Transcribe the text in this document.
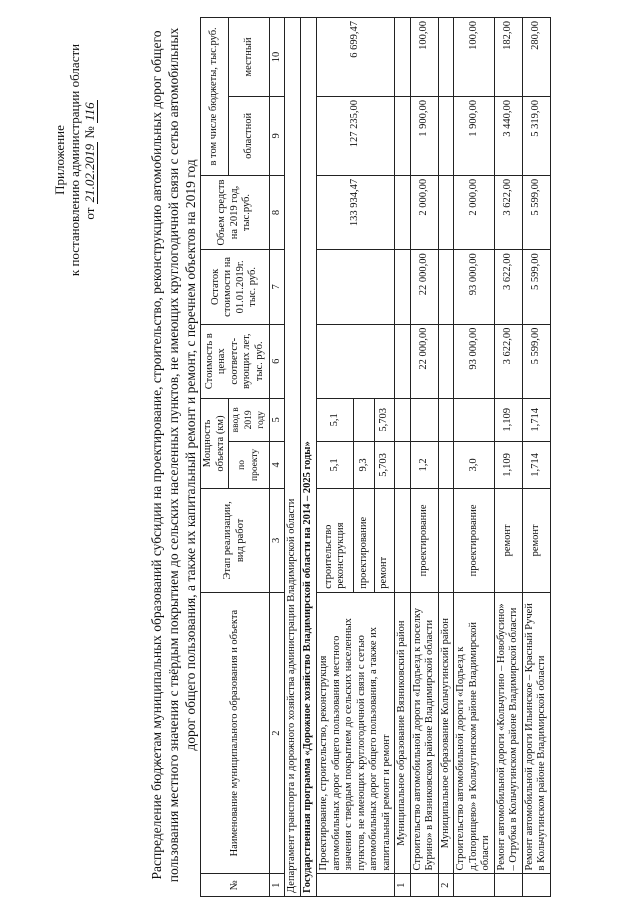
Приложение к постановлению администрации области от 21.02.2019 № 116	Распределение бюджетам муниципальных образований субсидии на проектирование, строительство, реконструкцию автомобильных дорог общего пользования местного значения с твёрдым покрытием до сельских населенных пунктов, не имеющих круглогодичной связи с сетью автомобильных дорог общего пользования, а также их капитальный ремонт и ремонт, с перечнем объектов на 2019 год
№	Наименование муниципального образования и объекта	Этап реализации, вид работ	Мощность объекта (км)		Стоимость в ценах соответст-вующих лет, тыс. руб.	Остаток стоимости на 01.01.2019г. тыс. руб.	Объем средств на 2019 год, тыс.руб.	в том числе бюджеты, тыс.руб.	
			по проекту	ввод в 2019 году				областной	местный

1	2	3	4	5	6	7	8	9	10
Департамент транспорта и дорожного хозяйства администрации Владимирской области									
Государственная программа «Дорожное хозяйство Владимирской области на 2014 – 2025 годы»									
	Проектирование, строительство, реконструкция автомобильных дорог общего пользования местного значения с твердым покрытием до сельских населенных пунктов, не имеющих круглогодичной связи с сетью автомобильных дорог общего пользования, а также их капитальный ремонт и ремонт	строительство реконструкция	5,1	5,1			133 934,47	127 235,00	6 699,47
		проектирование	9,3						
		ремонт	5,703	5,703					
1	Муниципальное образование Вязниковский район								
	Строительство автомобильной дороги «Подъезд к поселку Бурино» в Вязниковском районе Владимирской области	проектирование	1,2		22 000,00	22 000,00	2 000,00	1 900,00	100,00
2	Муниципальное образование Кольчугинский район								
	Строительство автомобильной дороги «Подъезд к д.Топорищево» в Кольчугинском районе Владимирской области	проектирование	3,0		93 000,00	93 000,00	2 000,00	1 900,00	100,00
	Ремонт автомобильной дороги «Кольчугино – Новобусино» – Отрубка в Кольчугинском районе Владимирской области	ремонт	1,109	1,109	3 622,00	3 622,00	3 622,00	3 440,00	182,00
	Ремонт автомобильной дороги Ильинское – Красный Ручей в Кольчугинском районе Владимирской области	ремонт	1,714	1,714	5 599,00	5 599,00	5 599,00	5 319,00	280,00
